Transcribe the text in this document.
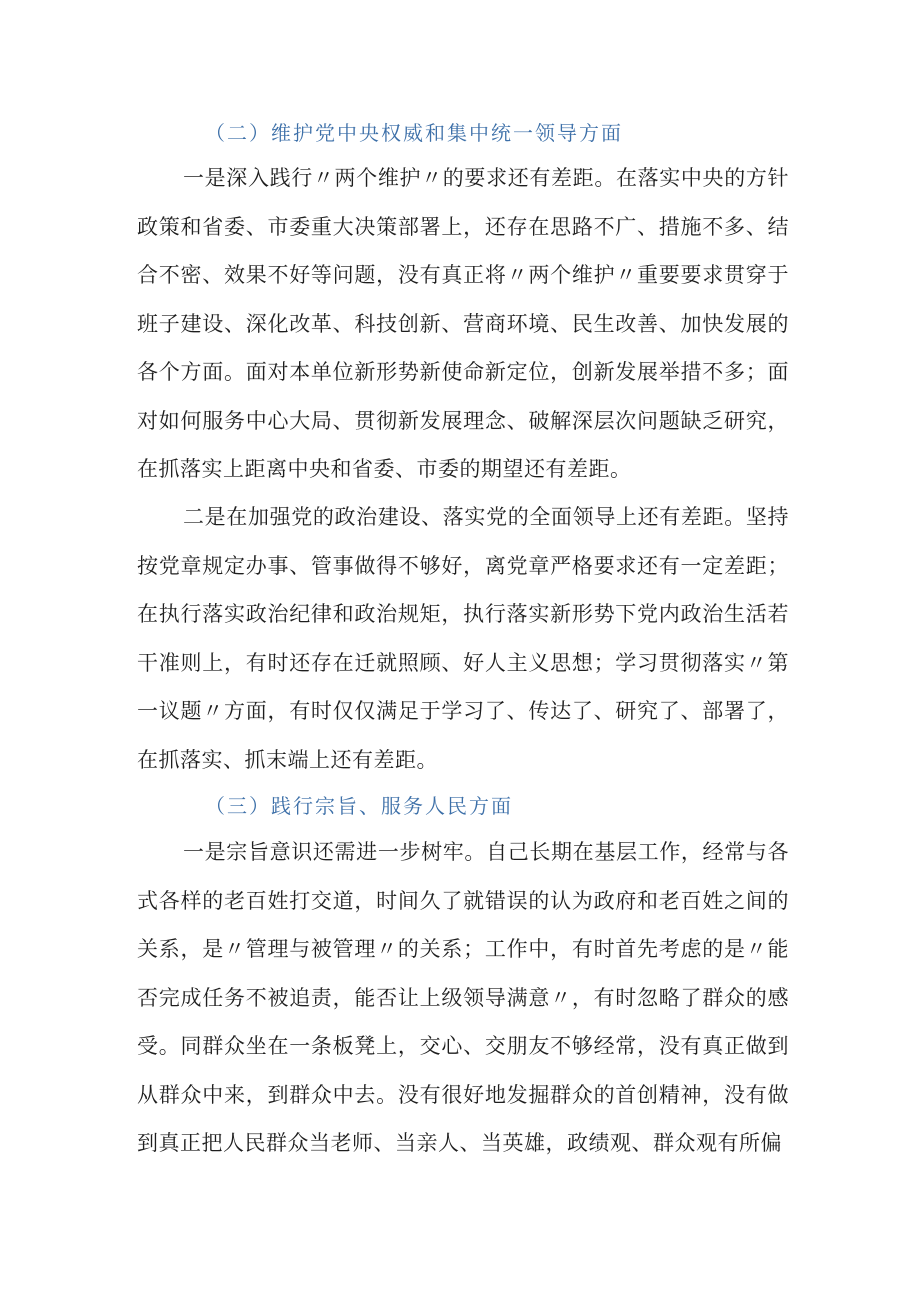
（二）维护党中央权威和集中统一领导方面

一是深入践行〃两个维护〃的要求还有差距。在落实中央的方针政策和省委、市委重大决策部署上，还存在思路不广、措施不多、结合不密、效果不好等问题，没有真正将〃两个维护〃重要要求贯穿于班子建设、深化改革、科技创新、营商环境、民生改善、加快发展的各个方面。面对本单位新形势新使命新定位，创新发展举措不多；面对如何服务中心大局、贯彻新发展理念、破解深层次问题缺乏研究，在抓落实上距离中央和省委、市委的期望还有差距。

二是在加强党的政治建设、落实党的全面领导上还有差距。坚持按党章规定办事、管事做得不够好，离党章严格要求还有一定差距；在执行落实政治纪律和政治规矩，执行落实新形势下党内政治生活若干准则上，有时还存在迁就照顾、好人主义思想；学习贯彻落实〃第一议题〃方面，有时仅仅满足于学习了、传达了、研究了、部署了，在抓落实、抓末端上还有差距。

（三）践行宗旨、服务人民方面

一是宗旨意识还需进一步树牢。自己长期在基层工作，经常与各式各样的老百姓打交道，时间久了就错误的认为政府和老百姓之间的关系，是〃管理与被管理〃的关系；工作中，有时首先考虑的是〃能否完成任务不被追责，能否让上级领导满意〃，有时忽略了群众的感受。同群众坐在一条板凳上，交心、交朋友不够经常，没有真正做到从群众中来，到群众中去。没有很好地发掘群众的首创精神，没有做到真正把人民群众当老师、当亲人、当英雄，政绩观、群众观有所偏
